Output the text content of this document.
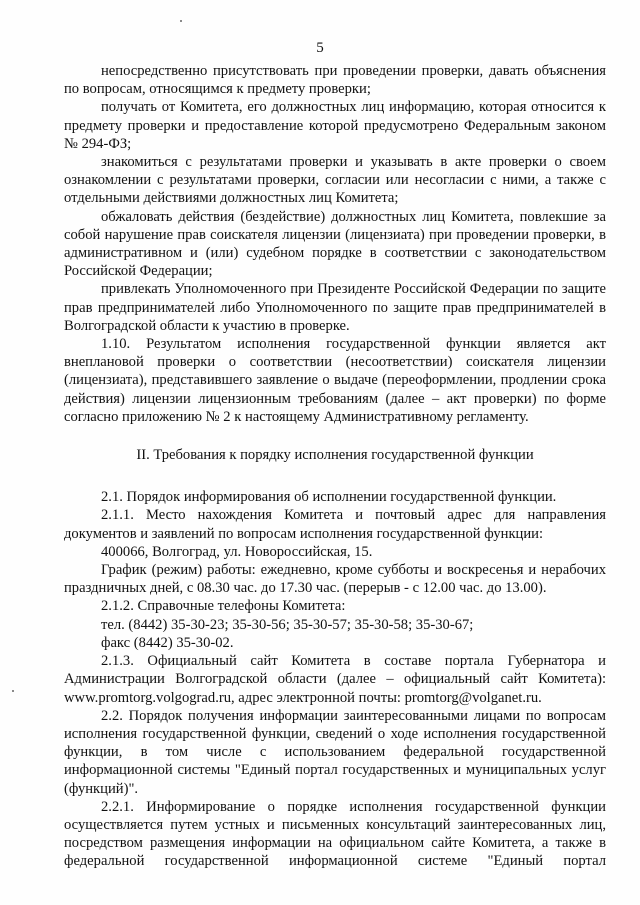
5

непосредственно присутствовать при проведении проверки, давать объяснения по вопросам, относящимся к предмету проверки;

получать от Комитета, его должностных лиц информацию, которая относится к предмету проверки и предоставление которой предусмотрено Федеральным законом № 294-ФЗ;

знакомиться с результатами проверки и указывать в акте проверки о своем ознакомлении с результатами проверки, согласии или несогласии с ними, а также с отдельными действиями должностных лиц Комитета;

обжаловать действия (бездействие) должностных лиц Комитета, повлекшие за собой нарушение прав соискателя лицензии (лицензиата) при проведении проверки, в административном и (или) судебном порядке в соответствии с законодательством Российской Федерации;

привлекать Уполномоченного при Президенте Российской Федерации по защите прав предпринимателей либо Уполномоченного по защите прав предпринимателей в Волгоградской области к участию в проверке.

1.10. Результатом исполнения государственной функции является акт внеплановой проверки о соответствии (несоответствии) соискателя лицензии (лицензиата), представившего заявление о выдаче (переоформлении, продлении срока действия) лицензии лицензионным требованиям (далее – акт проверки) по форме согласно приложению № 2 к настоящему Административному регламенту.

II. Требования к порядку исполнения государственной функции

2.1. Порядок информирования об исполнении государственной функции.

2.1.1. Место нахождения Комитета и почтовый адрес для направления документов и заявлений по вопросам исполнения государственной функции:

400066, Волгоград, ул. Новороссийская, 15.

График (режим) работы: ежедневно, кроме субботы и воскресенья и нерабочих праздничных дней, с 08.30 час. до 17.30 час. (перерыв - с 12.00 час. до 13.00).

2.1.2. Справочные телефоны Комитета:

тел. (8442) 35-30-23; 35-30-56; 35-30-57; 35-30-58; 35-30-67;

факс (8442) 35-30-02.

2.1.3. Официальный сайт Комитета в составе портала Губернатора и Администрации Волгоградской области (далее – официальный сайт Комитета): www.promtorg.volgograd.ru, адрес электронной почты: promtorg@volganet.ru.

2.2. Порядок получения информации заинтересованными лицами по вопросам исполнения государственной функции, сведений о ходе исполнения государственной функции, в том числе с использованием федеральной государственной информационной системы "Единый портал государственных и муниципальных услуг (функций)".

2.2.1. Информирование о порядке исполнения государственной функции осуществляется путем устных и письменных консультаций заинтересованных лиц, посредством размещения информации на официальном сайте Комитета, а также в федеральной государственной информационной системе "Единый портал
